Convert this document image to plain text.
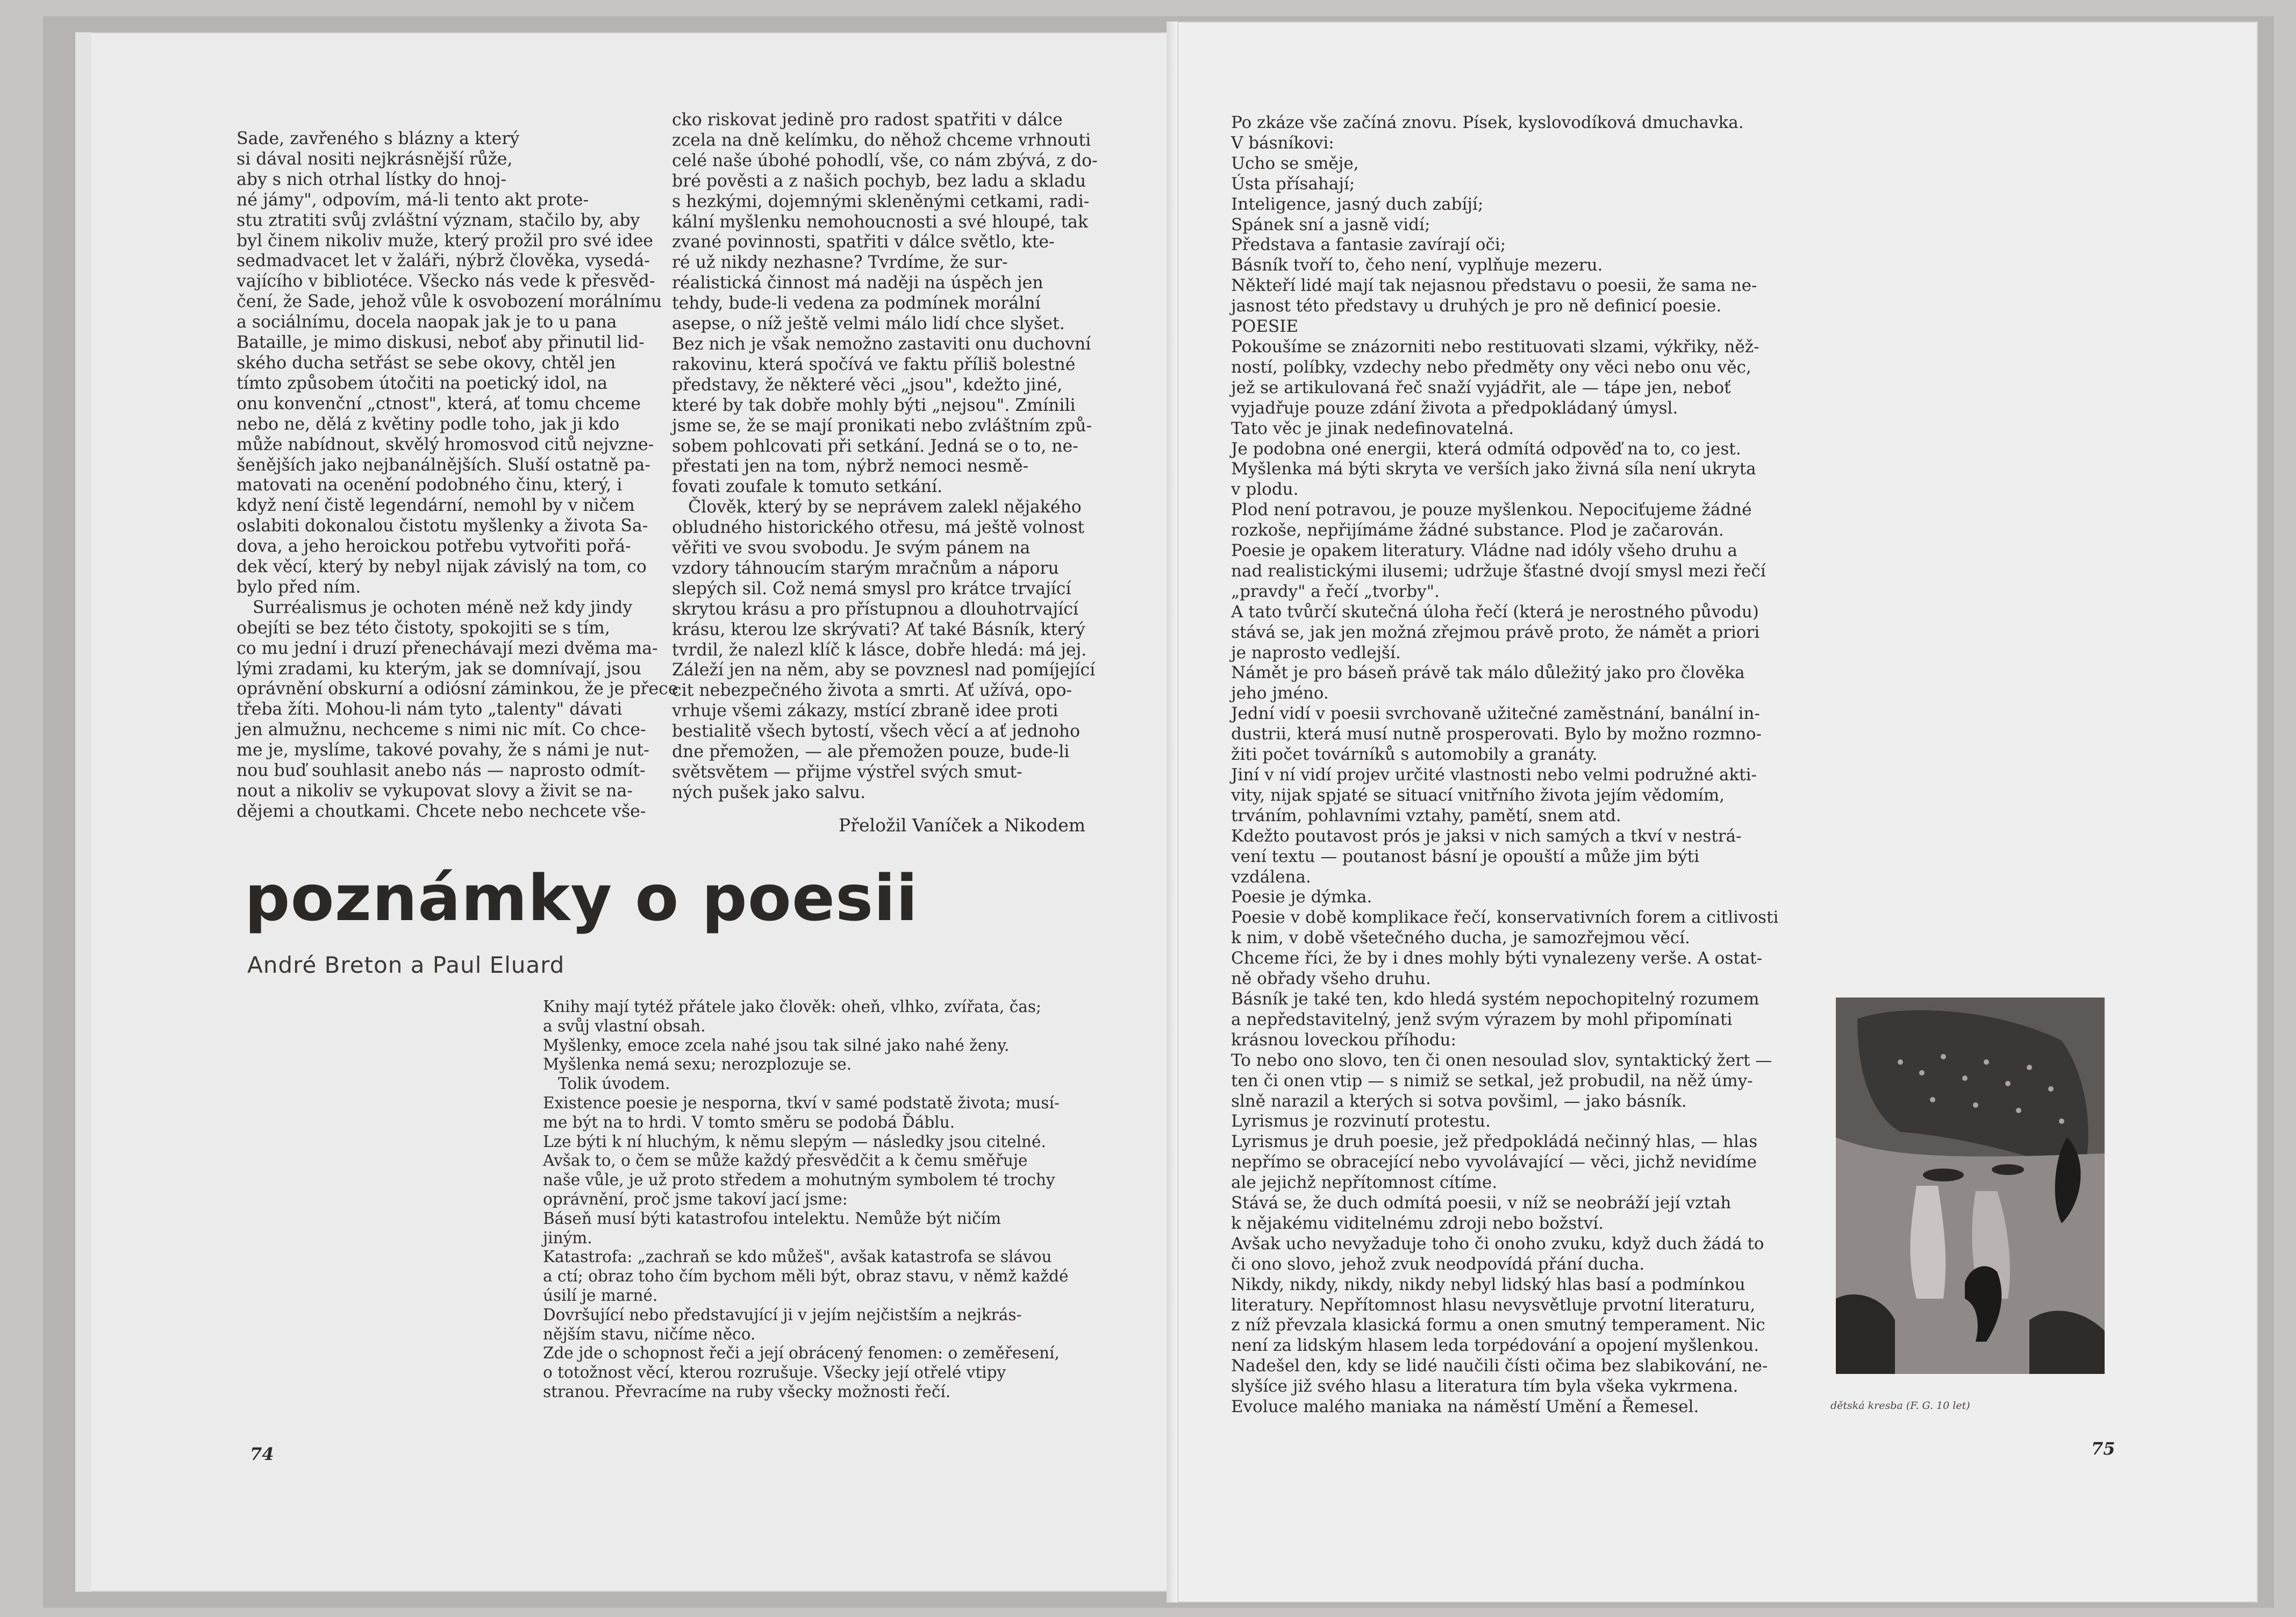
Sade, zavřeného s blázny a který
si dával nositi nejkrásnější růže,
aby s nich otrhal lístky do hnoj-
né jámy", odpovím, má-li tento akt prote-
stu ztratiti svůj zvláštní význam, stačilo by, aby
byl činem nikoliv muže, který prožil pro své idee
sedmadvacet let v žaláři, nýbrž člověka, vysedá-
vajícího v bibliotéce. Všecko nás vede k přesvěd-
čení, že Sade, jehož vůle k osvobození morálnímu
a sociálnímu, docela naopak jak je to u pana
Bataille, je mimo diskusi, neboť aby přinutil lid-
ského ducha setřást se sebe okovy, chtěl jen
tímto způsobem útočiti na poetický idol, na
onu konvenční „ctnost", která, ať tomu chceme
nebo ne, dělá z květiny podle toho, jak ji kdo
může nabídnout, skvělý hromosvod citů nejvzne-
šenějších jako nejbanálnějších. Sluší ostatně pa-
matovati na ocenění podobného činu, který, i
když není čistě legendární, nemohl by v ničem
oslabiti dokonalou čistotu myšlenky a života Sa-
dova, a jeho heroickou potřebu vytvořiti pořá-
dek věcí, který by nebyl nijak závislý na tom, co
bylo před ním.
Surréalismus je ochoten méně než kdy jindy
obejíti se bez této čistoty, spokojiti se s tím,
co mu jední i druzí přenechávají mezi dvěma ma-
lými zradami, ku kterým, jak se domnívají, jsou
oprávnění obskurní a odiósní záminkou, že je přece
třeba žíti. Mohou-li nám tyto „talenty" dávati
jen almužnu, nechceme s nimi nic mít. Co chce-
me je, myslíme, takové povahy, že s námi je nut-
nou buď souhlasit anebo nás — naprosto odmít-
nout a nikoliv se vykupovat slovy a živit se na-
dějemi a choutkami. Chcete nebo nechcete vše-
cko riskovat jedině pro radost spatřiti v dálce
zcela na dně kelímku, do něhož chceme vrhnouti
celé naše úbohé pohodlí, vše, co nám zbývá, z do-
bré pověsti a z našich pochyb, bez ladu a skladu
s hezkými, dojemnými skleněnými cetkami, radi-
kální myšlenku nemohoucnosti a své hloupé, tak
zvané povinnosti, spatřiti v dálce světlo, kte-
ré už nikdy nezhasne? Tvrdíme, že sur-
réalistická činnost má naději na úspěch jen
tehdy, bude-li vedena za podmínek morální
asepse, o níž ještě velmi málo lidí chce slyšet.
Bez nich je však nemožno zastaviti onu duchovní
rakovinu, která spočívá ve faktu příliš bolestné
představy, že některé věci „jsou", kdežto jiné,
které by tak dobře mohly býti „nejsou". Zmínili
jsme se, že se mají pronikati nebo zvláštním způ-
sobem pohlcovati při setkání. Jedná se o to, ne-
přestati jen na tom, nýbrž nemoci nesmě-
fovati zoufale k tomuto setkání.
Člověk, který by se neprávem zalekl nějakého
obludného historického otřesu, má ještě volnost
věřiti ve svou svobodu. Je svým pánem na
vzdory táhnoucím starým mračnům a náporu
slepých sil. Což nemá smysl pro krátce trvající
skrytou krásu a pro přístupnou a dlouhotrvající
krásu, kterou lze skrývati? Ať také Básník, který
tvrdil, že nalezl klíč k lásce, dobře hledá: má jej.
Záleží jen na něm, aby se povznesl nad pomíjející
cit nebezpečného života a smrti. Ať užívá, opo-
vrhuje všemi zákazy, mstící zbraně idee proti
bestialitě všech bytostí, všech věcí a ať jednoho
dne přemožen, — ale přemožen pouze, bude-li
světsvětem — přijme výstřel svých smut-
ných pušek jako salvu.

Přeložil Vaníček a Nikodem

poznámky o poesii

André Breton a Paul Eluard

Knihy mají tytéž přátele jako člověk: oheň, vlhko, zvířata, čas;
a svůj vlastní obsah.
Myšlenky, emoce zcela nahé jsou tak silné jako nahé ženy.
Myšlenka nemá sexu; nerozplozuje se.
Tolik úvodem.
Existence poesie je nesporna, tkví v samé podstatě života; musí-
me být na to hrdi. V tomto směru se podobá Ďáblu.
Lze býti k ní hluchým, k němu slepým — následky jsou citelné.
Avšak to, o čem se může každý přesvědčit a k čemu směřuje
naše vůle, je už proto středem a mohutným symbolem té trochy
oprávnění, proč jsme takoví jací jsme:
Báseň musí býti katastrofou intelektu. Nemůže být ničím
jiným.
Katastrofa: „zachraň se kdo můžeš", avšak katastrofa se slávou
a ctí; obraz toho čím bychom měli být, obraz stavu, v němž každé
úsilí je marné.
Dovršující nebo představující ji v jejím nejčistším a nejkrás-
nějším stavu, ničíme něco.
Zde jde o schopnost řeči a její obrácený fenomen: o zeměřesení,
o totožnost věcí, kterou rozrušuje. Všecky její otřelé vtipy
stranou. Převracíme na ruby všecky možnosti řečí.

74

Po zkáze vše začíná znovu. Písek, kyslovodíková dmuchavka.
V básníkovi:
Ucho se směje,
Ústa přísahají;
Inteligence, jasný duch zabíjí;
Spánek sní a jasně vidí;
Představa a fantasie zavírají oči;
Básník tvoří to, čeho není, vyplňuje mezeru.
Někteří lidé mají tak nejasnou představu o poesii, že sama ne-
jasnost této představy u druhých je pro ně definicí poesie.
POESIE
Pokoušíme se znázorniti nebo restituovati slzami, výkřiky, něž-
ností, políbky, vzdechy nebo předměty ony věci nebo onu věc,
jež se artikulovaná řeč snaží vyjádřit, ale — tápe jen, neboť
vyjadřuje pouze zdání života a předpokládaný úmysl.
Tato věc je jinak nedefinovatelná.
Je podobna oné energii, která odmítá odpověď na to, co jest.
Myšlenka má býti skryta ve verších jako živná síla není ukryta
v plodu.
Plod není potravou, je pouze myšlenkou. Nepociťujeme žádné
rozkoše, nepřijímáme žádné substance. Plod je začarován.
Poesie je opakem literatury. Vládne nad idóly všeho druhu a
nad realistickými ilusemi; udržuje šťastné dvojí smysl mezi řečí
„pravdy" a řečí „tvorby".
A tato tvůrčí skutečná úloha řečí (která je nerostného původu)
stává se, jak jen možná zřejmou právě proto, že námět a priori
je naprosto vedlejší.
Námět je pro báseň právě tak málo důležitý jako pro člověka
jeho jméno.
Jední vidí v poesii svrchovaně užitečné zaměstnání, banální in-
dustrii, která musí nutně prosperovati. Bylo by možno rozmno-
žiti počet továrníků s automobily a granáty.
Jiní v ní vidí projev určité vlastnosti nebo velmi podružné akti-
vity, nijak spjaté se situací vnitřního života jejím vědomím,
trváním, pohlavními vztahy, pamětí, snem atd.
Kdežto poutavost prós je jaksi v nich samých a tkví v nestrá-
vení textu — poutanost básní je opouští a může jim býti
vzdálena.
Poesie je dýmka.
Poesie v době komplikace řečí, konservativních forem a citlivosti
k nim, v době všetečného ducha, je samozřejmou věcí.
Chceme říci, že by i dnes mohly býti vynalezeny verše. A ostat-
ně obřady všeho druhu.
Básník je také ten, kdo hledá systém nepochopitelný rozumem
a nepředstavitelný, jenž svým výrazem by mohl připomínati
krásnou loveckou příhodu:
To nebo ono slovo, ten či onen nesoulad slov, syntaktický žert —
ten či onen vtip — s nimiž se setkal, jež probudil, na něž úmy-
slně narazil a kterých si sotva povšiml, — jako básník.
Lyrismus je rozvinutí protestu.
Lyrismus je druh poesie, jež předpokládá nečinný hlas, — hlas
nepřímo se obracející nebo vyvolávající — věci, jichž nevidíme
ale jejichž nepřítomnost cítíme.
Stává se, že duch odmítá poesii, v níž se neobráží její vztah
k nějakému viditelnému zdroji nebo božství.
Avšak ucho nevyžaduje toho či onoho zvuku, když duch žádá to
či ono slovo, jehož zvuk neodpovídá přání ducha.
Nikdy, nikdy, nikdy, nikdy nebyl lidský hlas basí a podmínkou
literatury. Nepřítomnost hlasu nevysvětluje prvotní literaturu,
z níž převzala klasická formu a onen smutný temperament. Nic
není za lidským hlasem leda torpédování a opojení myšlenkou.
Nadešel den, kdy se lidé naučili čísti očima bez slabikování, ne-
slyšíce již svého hlasu a literatura tím byla všeka vykrmena.
Evoluce malého maniaka na náměstí Umění a Řemesel.	dětská kresba (F. G. 10 let)

75
